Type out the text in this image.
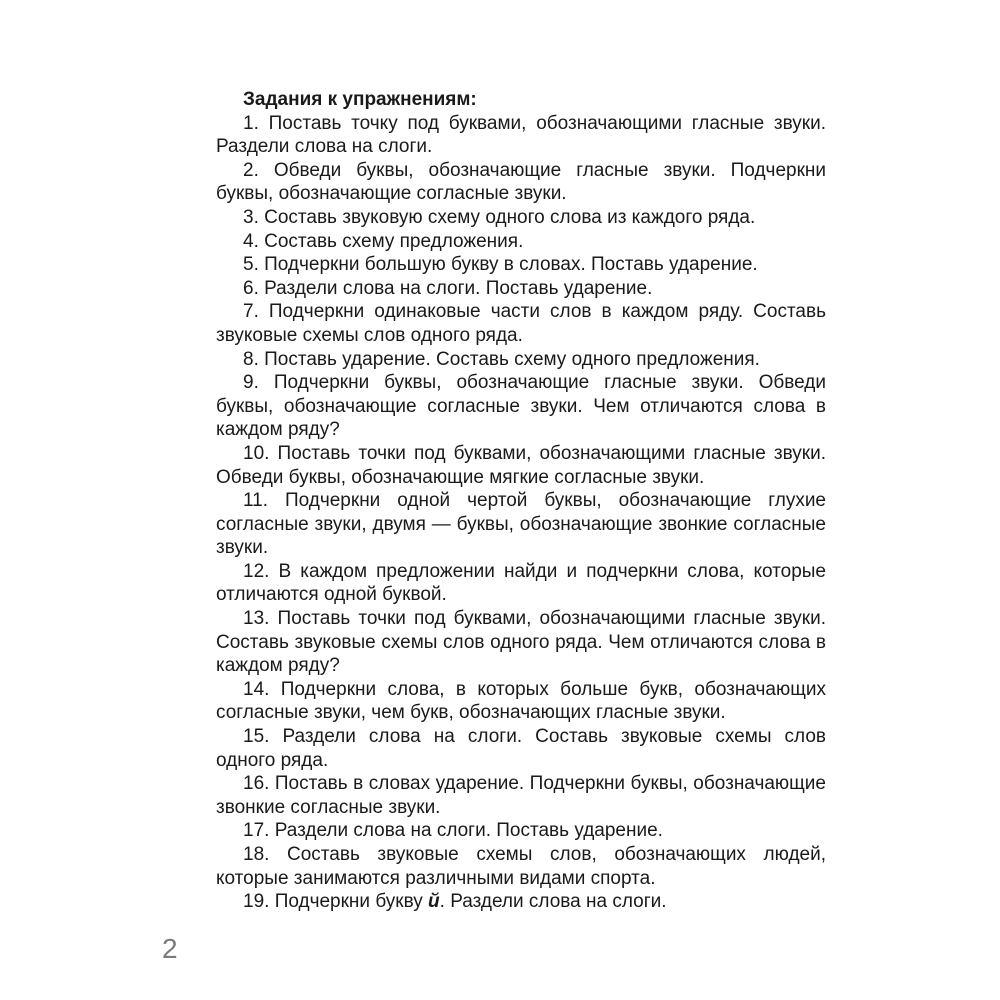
Задания к упражнениям:

1. Поставь точку под буквами, обозначающими гласные звуки. Раздели слова на слоги.

2. Обведи буквы, обозначающие гласные звуки. Подчеркни буквы, обозначающие согласные звуки.

3. Составь звуковую схему одного слова из каждого ряда.

4. Составь схему предложения.

5. Подчеркни большую букву в словах. Поставь ударение.

6. Раздели слова на слоги. Поставь ударение.

7. Подчеркни одинаковые части слов в каждом ряду. Составь звуковые схемы слов одного ряда.

8. Поставь ударение. Составь схему одного предложения.

9. Подчеркни буквы, обозначающие гласные звуки. Обведи буквы, обозначающие согласные звуки. Чем отличаются слова в каждом ряду?

10. Поставь точки под буквами, обозначающими гласные звуки. Обведи буквы, обозначающие мягкие согласные звуки.

11. Подчеркни одной чертой буквы, обозначающие глухие согласные звуки, двумя — буквы, обозначающие звонкие согласные звуки.

12. В каждом предложении найди и подчеркни слова, которые отличаются одной буквой.

13. Поставь точки под буквами, обозначающими гласные звуки. Составь звуковые схемы слов одного ряда. Чем отличаются слова в каждом ряду?

14. Подчеркни слова, в которых больше букв, обозначающих согласные звуки, чем букв, обозначающих гласные звуки.

15. Раздели слова на слоги. Составь звуковые схемы слов одного ряда.

16. Поставь в словах ударение. Подчеркни буквы, обозначающие звонкие согласные звуки.

17. Раздели слова на слоги. Поставь ударение.

18. Составь звуковые схемы слов, обозначающих людей, которые занимаются различными видами спорта.

19. Подчеркни букву й. Раздели слова на слоги.

2
